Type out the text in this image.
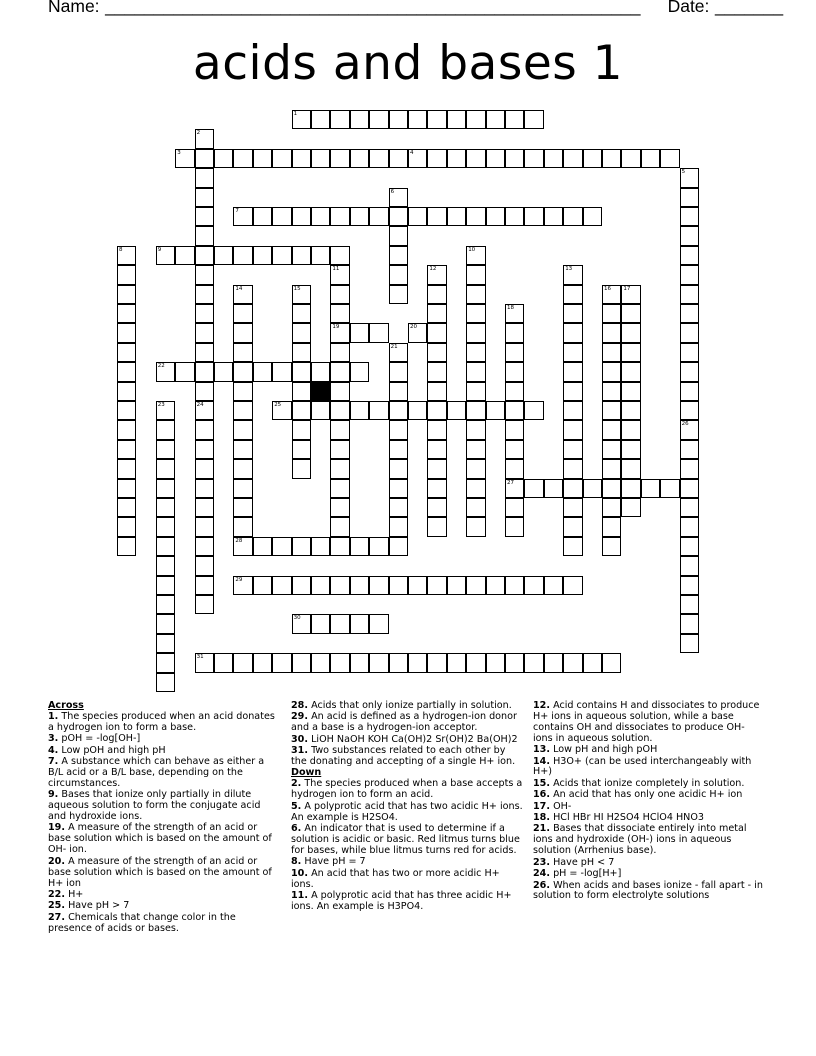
Name: _______________________________________________________ Date: _______
acids and bases 1
1
2
3	4
5
6
7
8	9	10
11	12	13
14	15	16 17
18
19	20
21
22
23	24	25
26
27
28
29
30
31
Across
1. The species produced when an acid donates a hydrogen ion to form a base.
3. pOH = -log[OH-]
4. Low pOH and high pH
7. A substance which can behave as either a B/L acid or a B/L base, depending on the circumstances.
9. Bases that ionize only partially in dilute aqueous solution to form the conjugate acid and hydroxide ions.
19. A measure of the strength of an acid or base solution which is based on the amount of OH- ion.
20. A measure of the strength of an acid or base solution which is based on the amount of H+ ion
22. H+
25. Have pH > 7
27. Chemicals that change color in the presence of acids or bases.
28. Acids that only ionize partially in solution.
29. An acid is defined as a hydrogen-ion donor and a base is a hydrogen-ion acceptor.
30. LiOH NaOH KOH Ca(OH)2 Sr(OH)2 Ba(OH)2
31. Two substances related to each other by the donating and accepting of a single H+ ion.
Down
2. The species produced when a base accepts a hydrogen ion to form an acid.
5. A polyprotic acid that has two acidic H+ ions. An example is H2SO4.
6. An indicator that is used to determine if a solution is acidic or basic. Red litmus turns blue for bases, while blue litmus turns red for acids.
8. Have pH = 7
10. An acid that has two or more acidic H+ ions.
11. A polyprotic acid that has three acidic H+ ions. An example is H3PO4.
12. Acid contains H and dissociates to produce H+ ions in aqueous solution, while a base contains OH and dissociates to produce OH- ions in aqueous solution.
13. Low pH and high pOH
14. H3O+ (can be used interchangeably with H+)
15. Acids that ionize completely in solution.
16. An acid that has only one acidic H+ ion
17. OH-
18. HCl HBr HI H2SO4 HClO4 HNO3
21. Bases that dissociate entirely into metal ions and hydroxide (OH-) ions in aqueous solution (Arrhenius base).
23. Have pH < 7
24. pH = -log[H+]
26. When acids and bases ionize - fall apart - in solution to form electrolyte solutions
